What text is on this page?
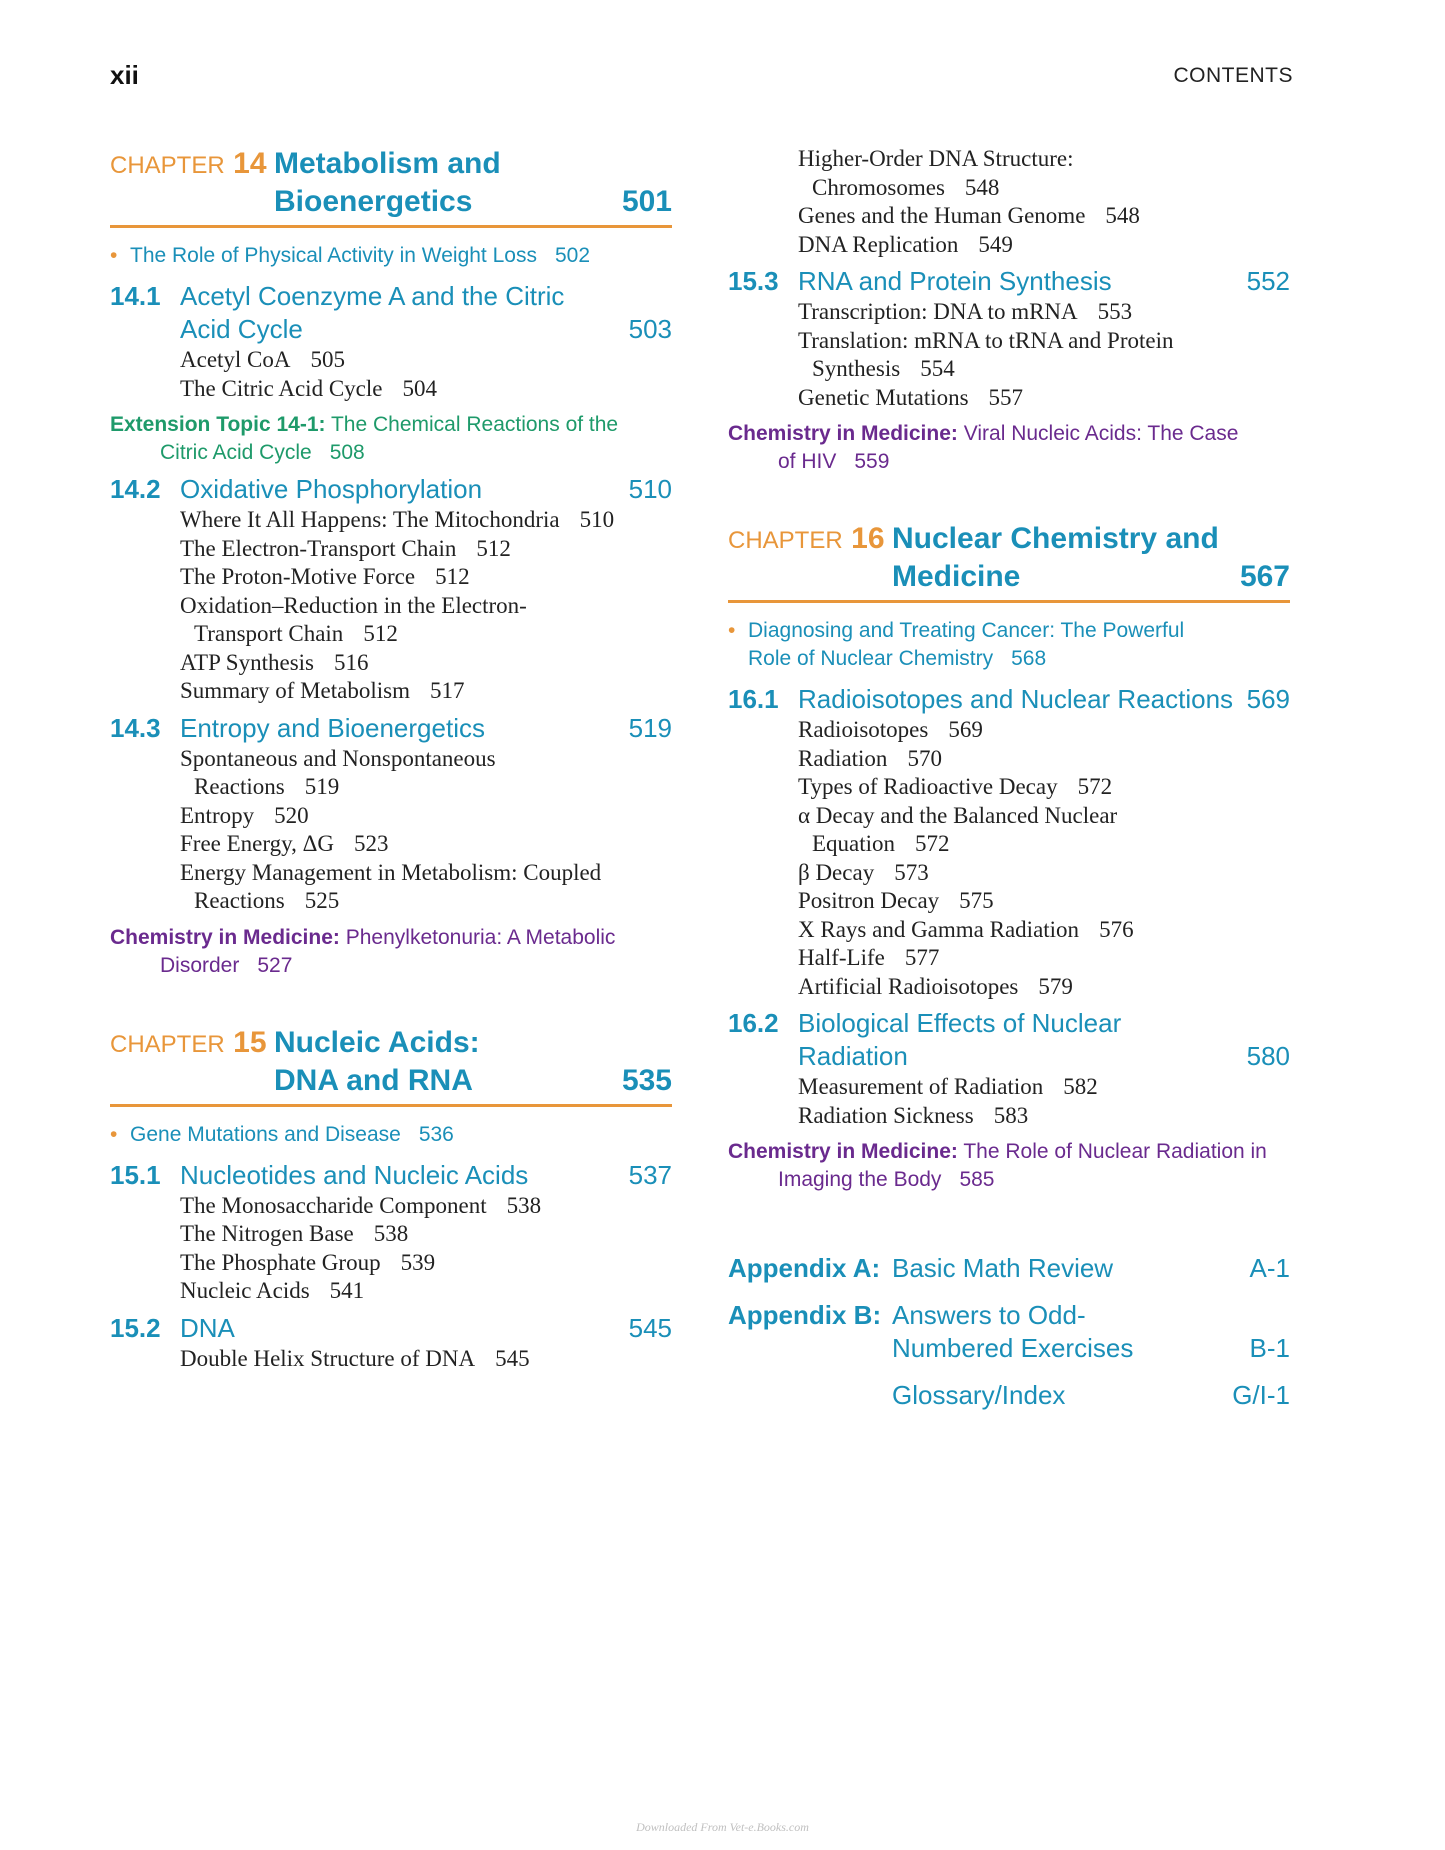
xii	CONTENTS
CHAPTER 14 Metabolism and
Bioenergetics	501
• The Role of Physical Activity in Weight Loss 502
14.1 Acetyl Coenzyme A and the Citric
Acid Cycle	503
Acetyl CoA 505
The Citric Acid Cycle 504
Extension Topic 14-1: The Chemical Reactions of the
Citric Acid Cycle 508
14.2 Oxidative Phosphorylation	510
Where It All Happens: The Mitochondria 510
The Electron-Transport Chain 512
The Proton-Motive Force 512
Oxidation–Reduction in the Electron-
Transport Chain 512
ATP Synthesis 516
Summary of Metabolism 517
14.3 Entropy and Bioenergetics	519
Spontaneous and Nonspontaneous
Reactions 519
Entropy 520
Free Energy, ΔG 523
Energy Management in Metabolism: Coupled
Reactions 525
Chemistry in Medicine: Phenylketonuria: A Metabolic
Disorder 527
CHAPTER 15 Nucleic Acids:
DNA and RNA	535
• Gene Mutations and Disease 536
15.1 Nucleotides and Nucleic Acids	537
The Monosaccharide Component 538
The Nitrogen Base 538
The Phosphate Group 539
Nucleic Acids 541
15.2 DNA	545
Double Helix Structure of DNA 545
Higher-Order DNA Structure:
Chromosomes 548
Genes and the Human Genome 548
DNA Replication 549
15.3 RNA and Protein Synthesis	552
Transcription: DNA to mRNA 553
Translation: mRNA to tRNA and Protein
Synthesis 554
Genetic Mutations 557
Chemistry in Medicine: Viral Nucleic Acids: The Case
of HIV 559
CHAPTER 16 Nuclear Chemistry and
Medicine	567
• Diagnosing and Treating Cancer: The Powerful
Role of Nuclear Chemistry 568
16.1 Radioisotopes and Nuclear Reactions 569
Radioisotopes 569
Radiation 570
Types of Radioactive Decay 572
α Decay and the Balanced Nuclear
Equation 572
β Decay 573
Positron Decay 575
X Rays and Gamma Radiation 576
Half-Life 577
Artificial Radioisotopes 579
16.2 Biological Effects of Nuclear
Radiation	580
Measurement of Radiation 582
Radiation Sickness 583
Chemistry in Medicine: The Role of Nuclear Radiation in
Imaging the Body 585
Appendix A: Basic Math Review	A-1
Appendix B: Answers to Odd-
Numbered Exercises	B-1
Glossary/Index	G/I-1
Downloaded From Vet-e.Books.com
